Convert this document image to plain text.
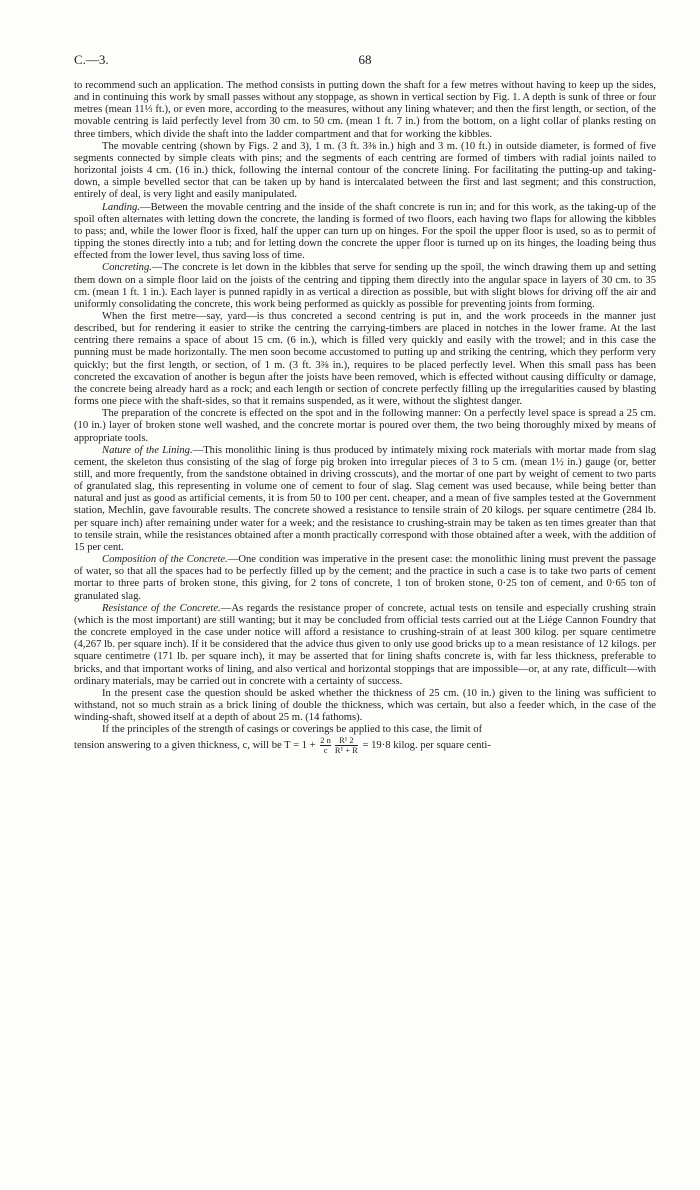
C.—3.	68

to recommend such an application. The method consists in putting down the shaft for a few metres without having to keep up the sides, and in continuing this work by small passes without any stoppage, as shown in vertical section by Fig. 1. A depth is sunk of three or four metres (mean 11⅓ ft.), or even more, according to the measures, without any lining whatever; and then the first length, or section, of the movable centring is laid perfectly level from 30 cm. to 50 cm. (mean 1 ft. 7 in.) from the bottom, on a light collar of planks resting on three timbers, which divide the shaft into the ladder compartment and that for working the kibbles.

The movable centring (shown by Figs. 2 and 3), 1 m. (3 ft. 3⅜ in.) high and 3 m. (10 ft.) in outside diameter, is formed of five segments connected by simple cleats with pins; and the segments of each centring are formed of timbers with radial joints nailed to horizontal joists 4 cm. (16 in.) thick, following the internal contour of the concrete lining. For facilitating the putting-up and taking-down, a simple bevelled sector that can be taken up by hand is intercalated between the first and last segment; and this construction, entirely of deal, is very light and easily manipulated.

Landing.—Between the movable centring and the inside of the shaft concrete is run in; and for this work, as the taking-up of the spoil often alternates with letting down the concrete, the landing is formed of two floors, each having two flaps for allowing the kibbles to pass; and, while the lower floor is fixed, half the upper can turn up on hinges. For the spoil the upper floor is used, so as to permit of tipping the stones directly into a tub; and for letting down the concrete the upper floor is turned up on its hinges, the loading being thus effected from the lower level, thus saving loss of time.

Concreting.—The concrete is let down in the kibbles that serve for sending up the spoil, the winch drawing them up and setting them down on a simple floor laid on the joists of the centring and tipping them directly into the angular space in layers of 30 cm. to 35 cm. (mean 1 ft. 1 in.). Each layer is punned rapidly in as vertical a direction as possible, but with slight blows for driving off the air and uniformly consolidating the concrete, this work being performed as quickly as possible for preventing joints from forming.

When the first metre—say, yard—is thus concreted a second centring is put in, and the work proceeds in the manner just described, but for rendering it easier to strike the centring the carrying-timbers are placed in notches in the lower frame. At the last centring there remains a space of about 15 cm. (6 in.), which is filled very quickly and easily with the trowel; and in this case the punning must be made horizontally. The men soon become accustomed to putting up and striking the centring, which they perform very quickly; but the first length, or section, of 1 m. (3 ft. 3⅜ in.), requires to be placed perfectly level. When this small pass has been concreted the excavation of another is begun after the joists have been removed, which is effected without causing difficulty or damage, the concrete being already hard as a rock; and each length or section of concrete perfectly filling up the irregularities caused by blasting forms one piece with the shaft-sides, so that it remains suspended, as it were, without the slightest danger.

The preparation of the concrete is effected on the spot and in the following manner: On a perfectly level space is spread a 25 cm. (10 in.) layer of broken stone well washed, and the concrete mortar is poured over them, the two being thoroughly mixed by means of appropriate tools.

Nature of the Lining.—This monolithic lining is thus produced by intimately mixing rock materials with mortar made from slag cement, the skeleton thus consisting of the slag of forge pig broken into irregular pieces of 3 to 5 cm. (mean 1½ in.) gauge (or, better still, and more frequently, from the sandstone obtained in driving crosscuts), and the mortar of one part by weight of cement to two parts of granulated slag, this representing in volume one of cement to four of slag. Slag cement was used because, while being better than natural and just as good as artificial cements, it is from 50 to 100 per cent. cheaper, and a mean of five samples tested at the Government station, Mechlin, gave favourable results. The concrete showed a resistance to tensile strain of 20 kilogs. per square centimetre (284 lb. per square inch) after remaining under water for a week; and the resistance to crushing-strain may be taken as ten times greater than that to tensile strain, while the resistances obtained after a month practically correspond with those obtained after a week, with the addition of 15 per cent.

Composition of the Concrete.—One condition was imperative in the present case: the monolithic lining must prevent the passage of water, so that all the spaces had to be perfectly filled up by the cement; and the practice in such a case is to take two parts of cement mortar to three parts of broken stone, this giving, for 2 tons of concrete, 1 ton of broken stone, 0·25 ton of cement, and 0·65 ton of granulated slag.

Resistance of the Concrete.—As regards the resistance proper of concrete, actual tests on tensile and especially crushing strain (which is the most important) are still wanting; but it may be concluded from official tests carried out at the Liége Cannon Foundry that the concrete employed in the case under notice will afford a resistance to crushing-strain of at least 300 kilog. per square centimetre (4,267 lb. per square inch). If it be considered that the advice thus given to only use good bricks up to a mean resistance of 12 kilogs. per square centimetre (171 lb. per square inch), it may be asserted that for lining shafts concrete is, with far less thickness, preferable to bricks, and that important works of lining, and also vertical and horizontal stoppings that are impossible—or, at any rate, difficult—with ordinary materials, may be carried out in concrete with a certainty of success.

In the present case the question should be asked whether the thickness of 25 cm. (10 in.) given to the lining was sufficient to withstand, not so much strain as a brick lining of double the thickness, which was certain, but also a feeder which, in the case of the winding-shaft, showed itself at a depth of about 25 m. (14 fathoms).

If the principles of the strength of casings or coverings be applied to this case, the limit of

tension answering to a given thickness, c, will be $T = 1 + \frac{2 n}{c} \frac{\text{R¹ 2}}{\text{R¹ + R}} = 19\cdot 8$ kilog. per square centi-
